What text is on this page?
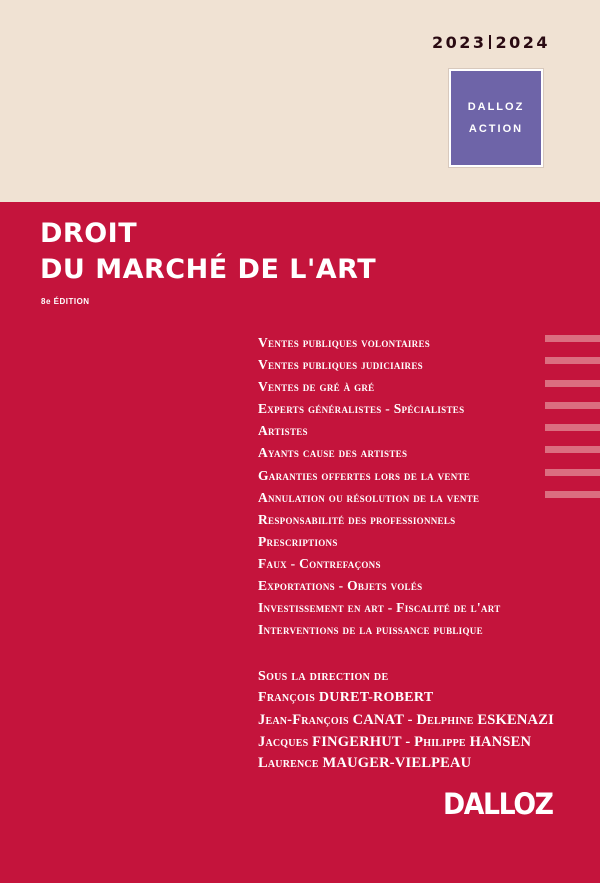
2023 2024
DALLOZ
ACTION
DROIT
DU MARCHÉ DE L'ART
8e ÉDITION
Ventes publiques volontaires
Ventes publiques judiciaires
Ventes de gré à gré
Experts généralistes - Spécialistes
Artistes
Ayants cause des artistes
Garanties offertes lors de la vente
Annulation ou résolution de la vente
Responsabilité des professionnels
Prescriptions
Faux - Contrefaçons
Exportations - Objets volés
Investissement en art - Fiscalité de l'art
Interventions de la puissance publique
Sous la direction de
François DURET-ROBERT
Jean-François CANAT - Delphine ESKENAZI
Jacques FINGERHUT - Philippe HANSEN
Laurence MAUGER-VIELPEAU
DALLOZ
